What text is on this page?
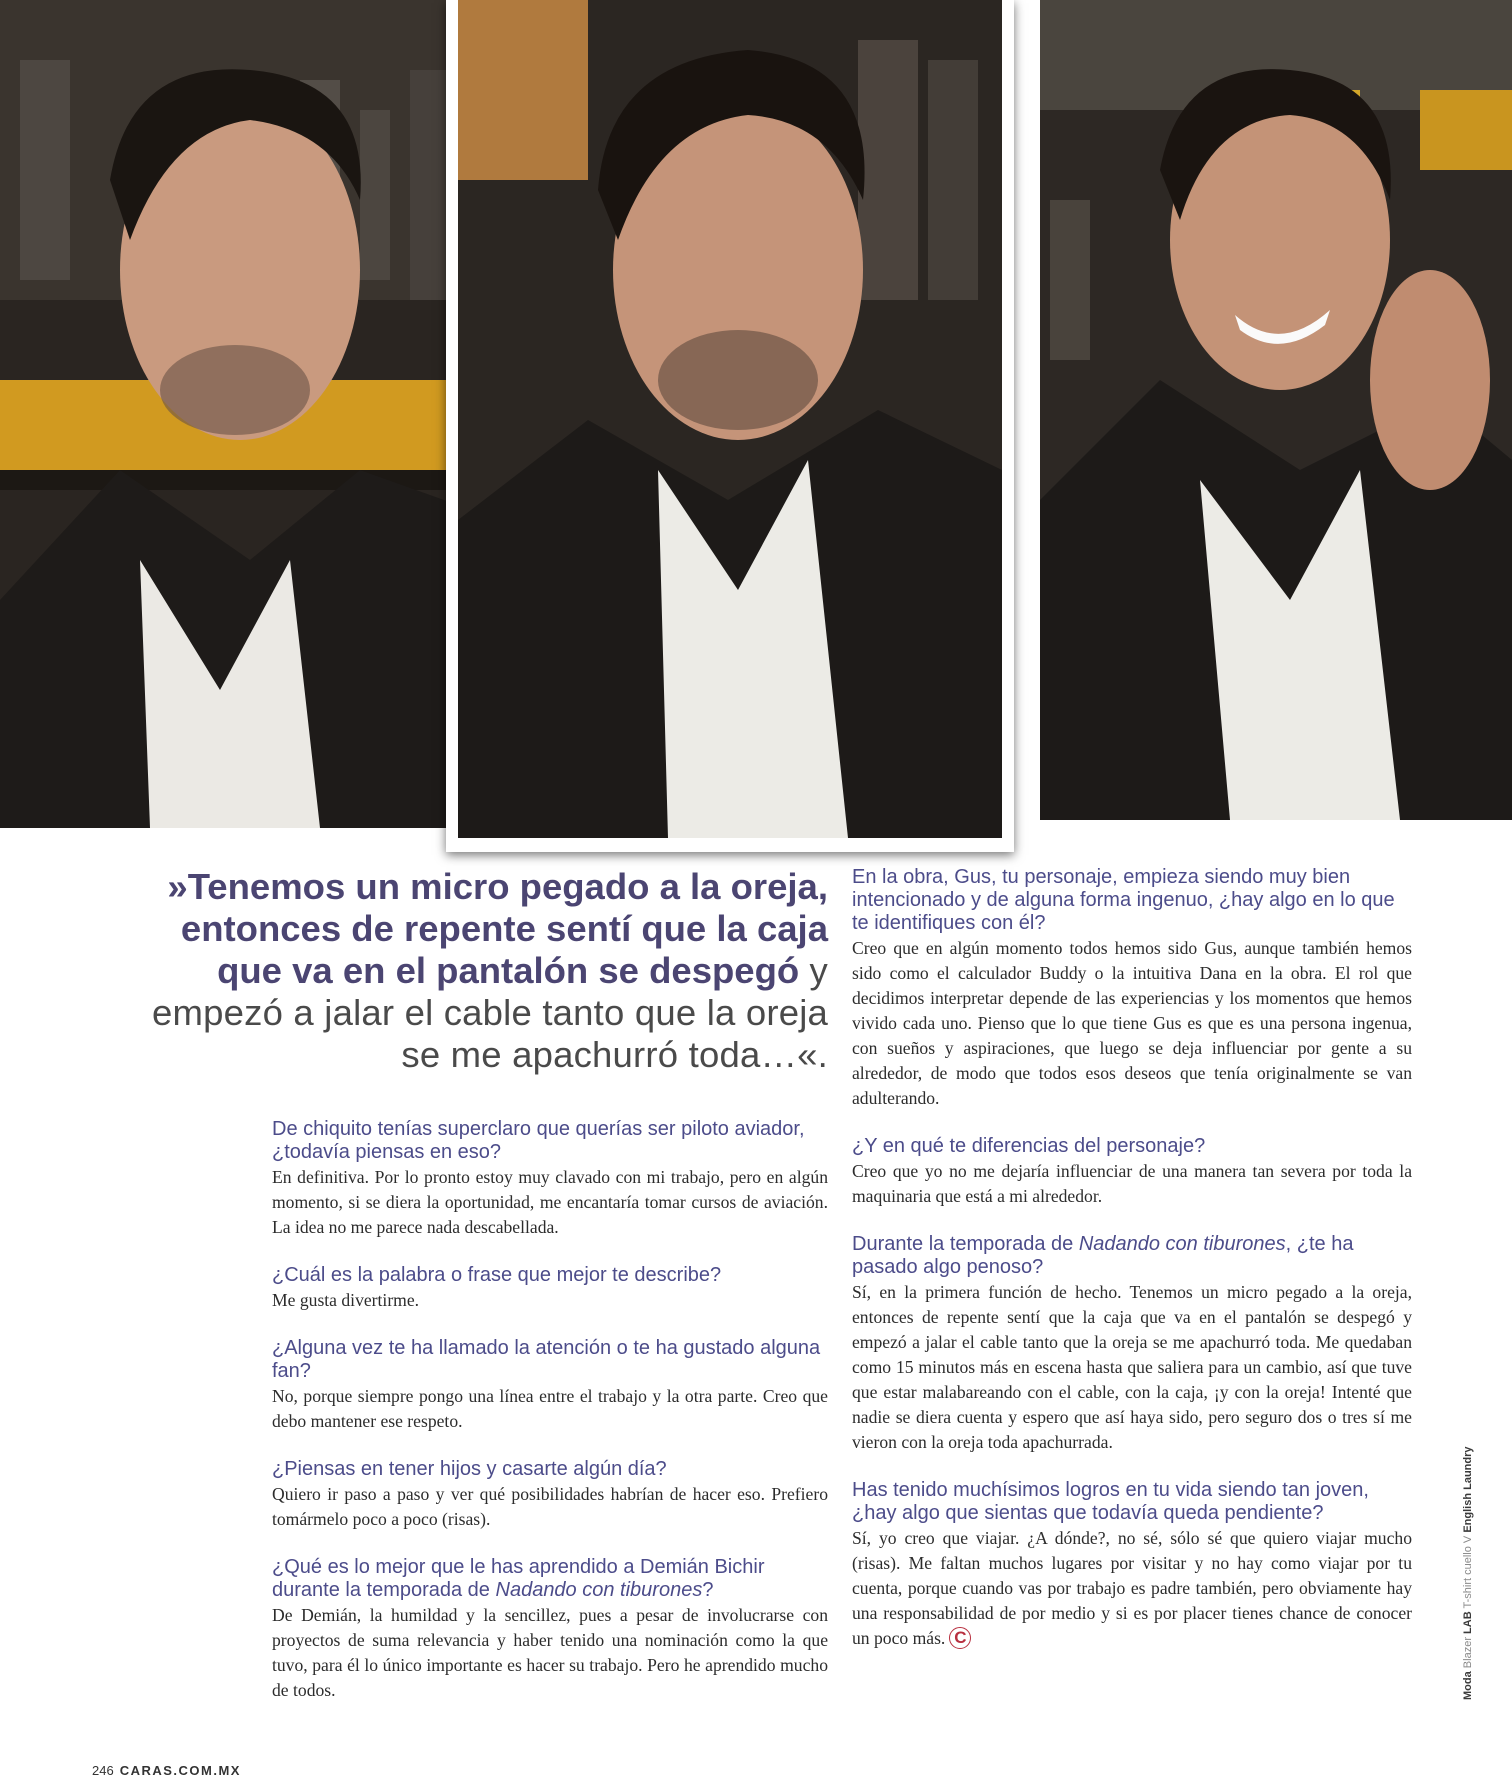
»Tenemos un micro pegado a la oreja, entonces de repente sentí que la caja que va en el pantalón se despegó y empezó a jalar el cable tanto que la oreja se me apachurró toda…«.

De chiquito tenías superclaro que querías ser piloto aviador, ¿todavía piensas en eso?

En definitiva. Por lo pronto estoy muy clavado con mi trabajo, pero en algún momento, si se diera la oportunidad, me encantaría tomar cursos de aviación. La idea no me parece nada descabellada.

¿Cuál es la palabra o frase que mejor te describe?

Me gusta divertirme.

¿Alguna vez te ha llamado la atención o te ha gustado alguna fan?

No, porque siempre pongo una línea entre el trabajo y la otra parte. Creo que debo mantener ese respeto.

¿Piensas en tener hijos y casarte algún día?

Quiero ir paso a paso y ver qué posibilidades habrían de hacer eso. Prefiero tomármelo poco a poco (risas).

¿Qué es lo mejor que le has aprendido a Demián Bichir durante la temporada de Nadando con tiburones?

De Demián, la humildad y la sencillez, pues a pesar de involucrarse con proyectos de suma relevancia y haber tenido una nominación como la que tuvo, para él lo único importante es hacer su trabajo. Pero he aprendido mucho de todos.

En la obra, Gus, tu personaje, empieza siendo muy bien intencionado y de alguna forma ingenuo, ¿hay algo en lo que te identifiques con él?

Creo que en algún momento todos hemos sido Gus, aunque también hemos sido como el calculador Buddy o la intuitiva Dana en la obra. El rol que decidimos interpretar depende de las experiencias y los momentos que hemos vivido cada uno. Pienso que lo que tiene Gus es que es una persona ingenua, con sueños y aspiraciones, que luego se deja influenciar por gente a su alrededor, de modo que todos esos deseos que tenía originalmente se van adulterando.

¿Y en qué te diferencias del personaje?

Creo que yo no me dejaría influenciar de una manera tan severa por toda la maquinaria que está a mi alrededor.

Durante la temporada de Nadando con tiburones, ¿te ha pasado algo penoso?

Sí, en la primera función de hecho. Tenemos un micro pegado a la oreja, entonces de repente sentí que la caja que va en el pantalón se despegó y empezó a jalar el cable tanto que la oreja se me apachurró toda. Me quedaban como 15 minutos más en escena hasta que saliera para un cambio, así que tuve que estar malabareando con el cable, con la caja, ¡y con la oreja! Intenté que nadie se diera cuenta y espero que así haya sido, pero seguro dos o tres sí me vieron con la oreja toda apachurrada.

Has tenido muchísimos logros en tu vida siendo tan joven, ¿hay algo que sientas que todavía queda pendiente?

Sí, yo creo que viajar. ¿A dónde?, no sé, sólo sé que quiero viajar mucho (risas). Me faltan muchos lugares por visitar y no hay como viajar por tu cuenta, porque cuando vas por trabajo es padre también, pero obviamente hay una responsabilidad de por medio y si es por placer tienes chance de conocer un poco más. C

Moda Blazer LAB T-shirt cuello V English Laundry
246 CARAS.COM.MX
